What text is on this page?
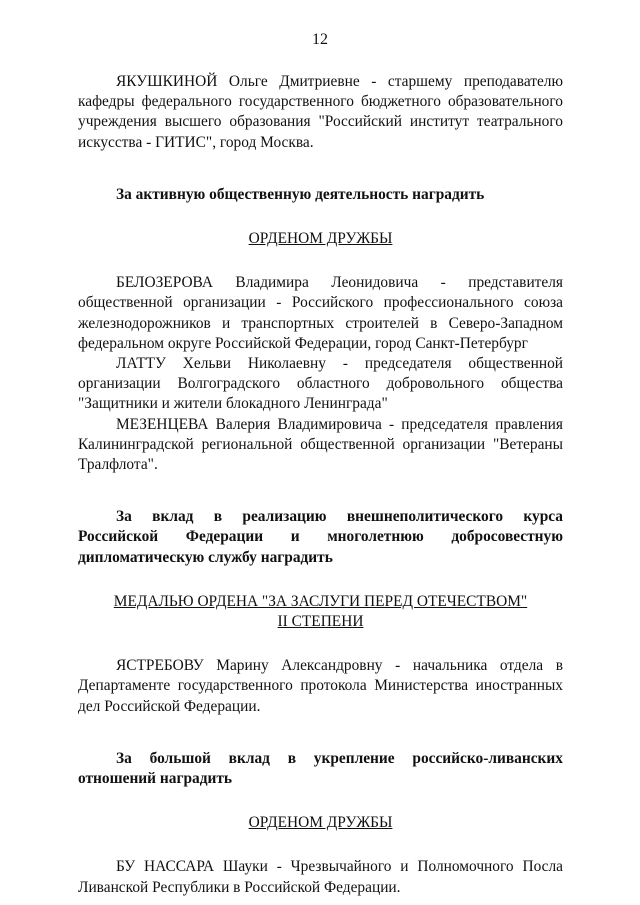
12

ЯКУШКИНОЙ Ольге Дмитриевне - старшему преподавателю кафедры федерального государственного бюджетного образовательного учреждения высшего образования "Российский институт театрального искусства - ГИТИС", город Москва.

За активную общественную деятельность наградить

ОРДЕНОМ ДРУЖБЫ

БЕЛОЗЕРОВА Владимира Леонидовича - представителя общественной организации - Российского профессионального союза железнодорожников и транспортных строителей в Северо-Западном федеральном округе Российской Федерации, город Санкт-Петербург

ЛАТТУ Хельви Николаевну - председателя общественной организации Волгоградского областного добровольного общества "Защитники и жители блокадного Ленинграда"

МЕЗЕНЦЕВА Валерия Владимировича - председателя правления Калининградской региональной общественной организации "Ветераны Тралфлота".

За вклад в реализацию внешнеполитического курса Российской Федерации и многолетнюю добросовестную дипломатическую службу наградить

МЕДАЛЬЮ ОРДЕНА "ЗА ЗАСЛУГИ ПЕРЕД ОТЕЧЕСТВОМ"

II СТЕПЕНИ

ЯСТРЕБОВУ Марину Александровну - начальника отдела в Департаменте государственного протокола Министерства иностранных дел Российской Федерации.

За большой вклад в укрепление российско-ливанских отношений наградить

ОРДЕНОМ ДРУЖБЫ

БУ НАССАРА Шауки - Чрезвычайного и Полномочного Посла Ливанской Республики в Российской Федерации.
